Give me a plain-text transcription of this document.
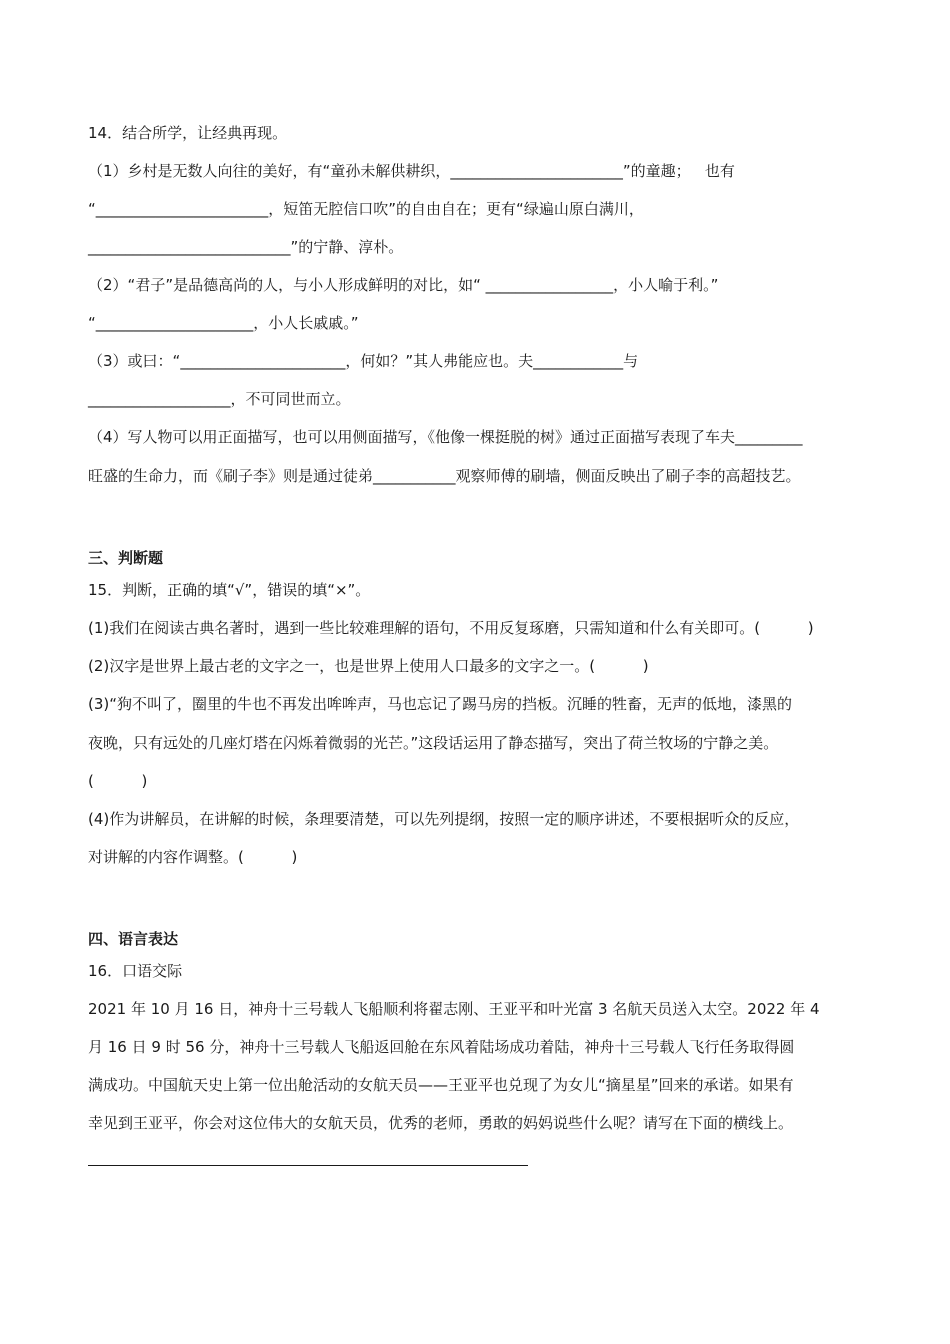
14．结合所学，让经典再现。
（1）乡村是无数人向往的美好，有“童孙未解供耕织，_______________________”的童趣；   也有
“_______________________，短笛无腔信口吹”的自由自在；更有“绿遍山原白满川，
___________________________”的宁静、淳朴。
（2）“君子”是品德高尚的人，与小人形成鲜明的对比，如“ _________________，小人喻于利。”
“_____________________，小人长戚戚。”
（3）或曰：“______________________，何如？”其人弗能应也。夫____________与
___________________，不可同世而立。
（4）写人物可以用正面描写，也可以用侧面描写，《他像一棵挺脱的树》通过正面描写表现了车夫_________
旺盛的生命力，而《刷子李》则是通过徒弟___________观察师傅的刷墙，侧面反映出了刷子李的高超技艺。
三、判断题
15．判断，正确的填“√”，错误的填“×”。
(1)我们在阅读古典名著时，遇到一些比较难理解的语句，不用反复琢磨，只需知道和什么有关即可。(          )
(2)汉字是世界上最古老的文字之一，也是世界上使用人口最多的文字之一。(          )
(3)“狗不叫了，圈里的牛也不再发出哞哞声，马也忘记了踢马房的挡板。沉睡的牲畜，无声的低地，漆黑的
夜晚，只有远处的几座灯塔在闪烁着微弱的光芒。”这段话运用了静态描写，突出了荷兰牧场的宁静之美。
(          )
(4)作为讲解员，在讲解的时候，条理要清楚，可以先列提纲，按照一定的顺序讲述，不要根据听众的反应，
对讲解的内容作调整。(          )
四、语言表达
16．口语交际
2021 年 10 月 16 日，神舟十三号载人飞船顺利将翟志刚、王亚平和叶光富 3 名航天员送入太空。2022 年 4
月 16 日 9 时 56 分，神舟十三号载人飞船返回舱在东风着陆场成功着陆，神舟十三号载人飞行任务取得圆
满成功。中国航天史上第一位出舱活动的女航天员——王亚平也兑现了为女儿“摘星星”回来的承诺。如果有
幸见到王亚平，你会对这位伟大的女航天员，优秀的老师，勇敢的妈妈说些什么呢？请写在下面的横线上。
